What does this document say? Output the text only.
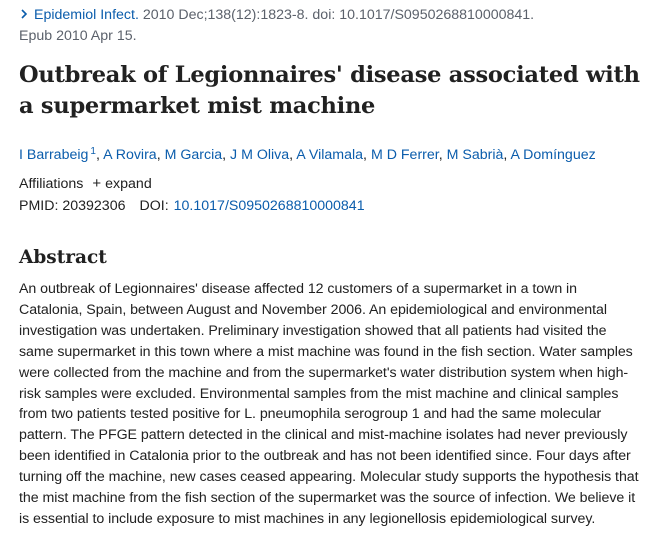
Epidemiol Infect. 2010 Dec;138(12):1823-8. doi: 10.1017/S0950268810000841.
Epub 2010 Apr 15.
Outbreak of Legionnaires' disease associated with a supermarket mist machine
I Barrabeig $^1$, A Rovira, M Garcia, J M Oliva, A Vilamala, M D Ferrer, M Sabrià, A Domínguez
Affiliations + expand
PMID: 20392306 DOI: 10.1017/S0950268810000841
Abstract

An outbreak of Legionnaires' disease affected 12 customers of a supermarket in a town in Catalonia, Spain, between August and November 2006. An epidemiological and environmental investigation was undertaken. Preliminary investigation showed that all patients had visited the same supermarket in this town where a mist machine was found in the fish section. Water samples were collected from the machine and from the supermarket's water distribution system when high-risk samples were excluded. Environmental samples from the mist machine and clinical samples from two patients tested positive for L. pneumophila serogroup 1 and had the same molecular pattern. The PFGE pattern detected in the clinical and mist-machine isolates had never previously been identified in Catalonia prior to the outbreak and has not been identified since. Four days after turning off the machine, new cases ceased appearing. Molecular study supports the hypothesis that the mist machine from the fish section of the supermarket was the source of infection. We believe it is essential to include exposure to mist machines in any legionellosis epidemiological survey.
